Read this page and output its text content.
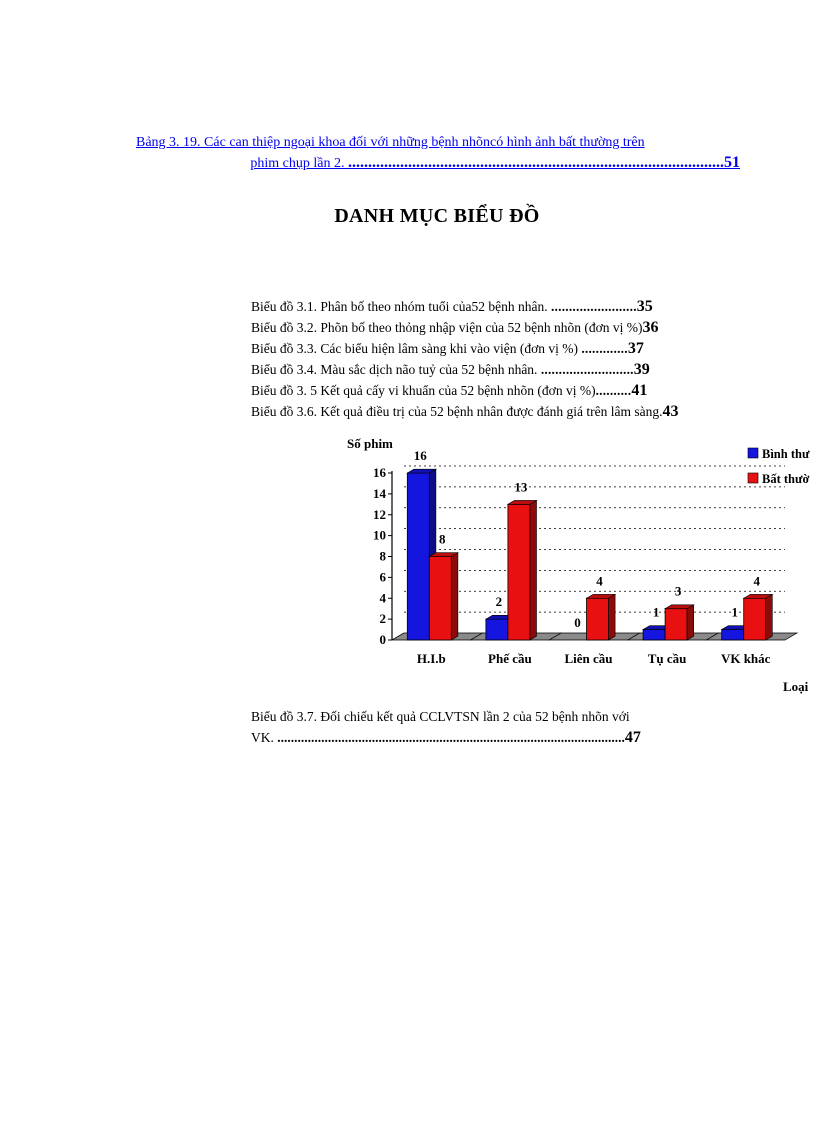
Bảng 3. 19. Các can thiệp ngoại khoa đối với những bệnh nhõncó hình ảnh bất thường trên
phim chụp lần 2. ..............................................................................................51
DANH MỤC BIỂU ĐỒ
Biểu đồ 3.1. Phân bố theo nhóm tuổi của52 bệnh nhân. ........................35
Biểu đồ 3.2. Phõn bố theo thỏng nhập viện của 52 bệnh nhõn (đơn vị %)36
Biểu đồ 3.3. Các biểu hiện lâm sàng khi vào viện (đơn vị %) .............37
Biểu đồ 3.4. Màu sắc dịch não tuỷ của 52 bệnh nhân. ..........................39
Biểu đồ 3. 5 Kết quả cấy vi khuẩn của 52 bệnh nhõn (đơn vị %)..........41
Biểu đồ 3.6. Kết quả điều trị của 52 bệnh nhân được đánh giá trên lâm sàng.43
0
2
4
6
8
10
12
14
16
16
8
H.I.b
2
13
Phế cầu
0
4
Liên cầu
1
3
Tụ cầu
1
4
VK khác
Số phim
Loại
Bình thư
Bất thườ
Biểu đồ 3.7. Đối chiếu kết quả CCLVTSN lần 2 của 52 bệnh nhõn với
VK. .......................................................................................................47
